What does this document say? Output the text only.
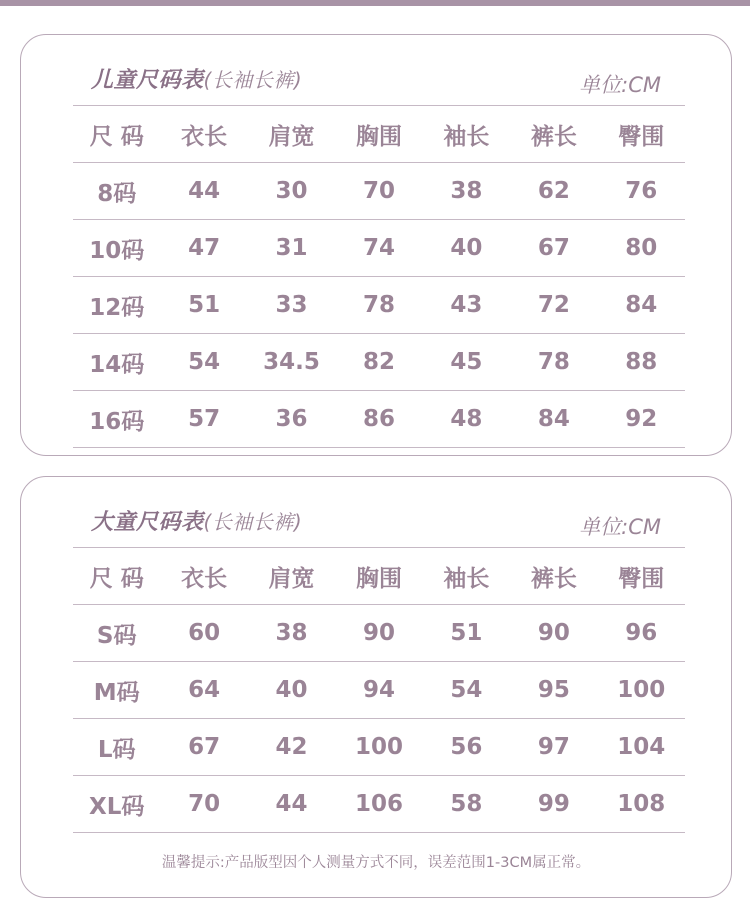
儿童尺码表(长袖长裤)	单位:CM
尺 码	衣长	肩宽	胸围	袖长	裤长	臀围
8码	44	30	70	38	62	76
10码	47	31	74	40	67	80
12码	51	33	78	43	72	84
14码	54	34.5	82	45	78	88
16码	57	36	86	48	84	92
大童尺码表(长袖长裤)	单位:CM
尺 码	衣长	肩宽	胸围	袖长	裤长	臀围
S码	60	38	90	51	90	96
M码	64	40	94	54	95	100
L码	67	42	100	56	97	104
XL码	70	44	106	58	99	108
温馨提示:产品版型因个人测量方式不同，误差范围1-3CM属正常。
